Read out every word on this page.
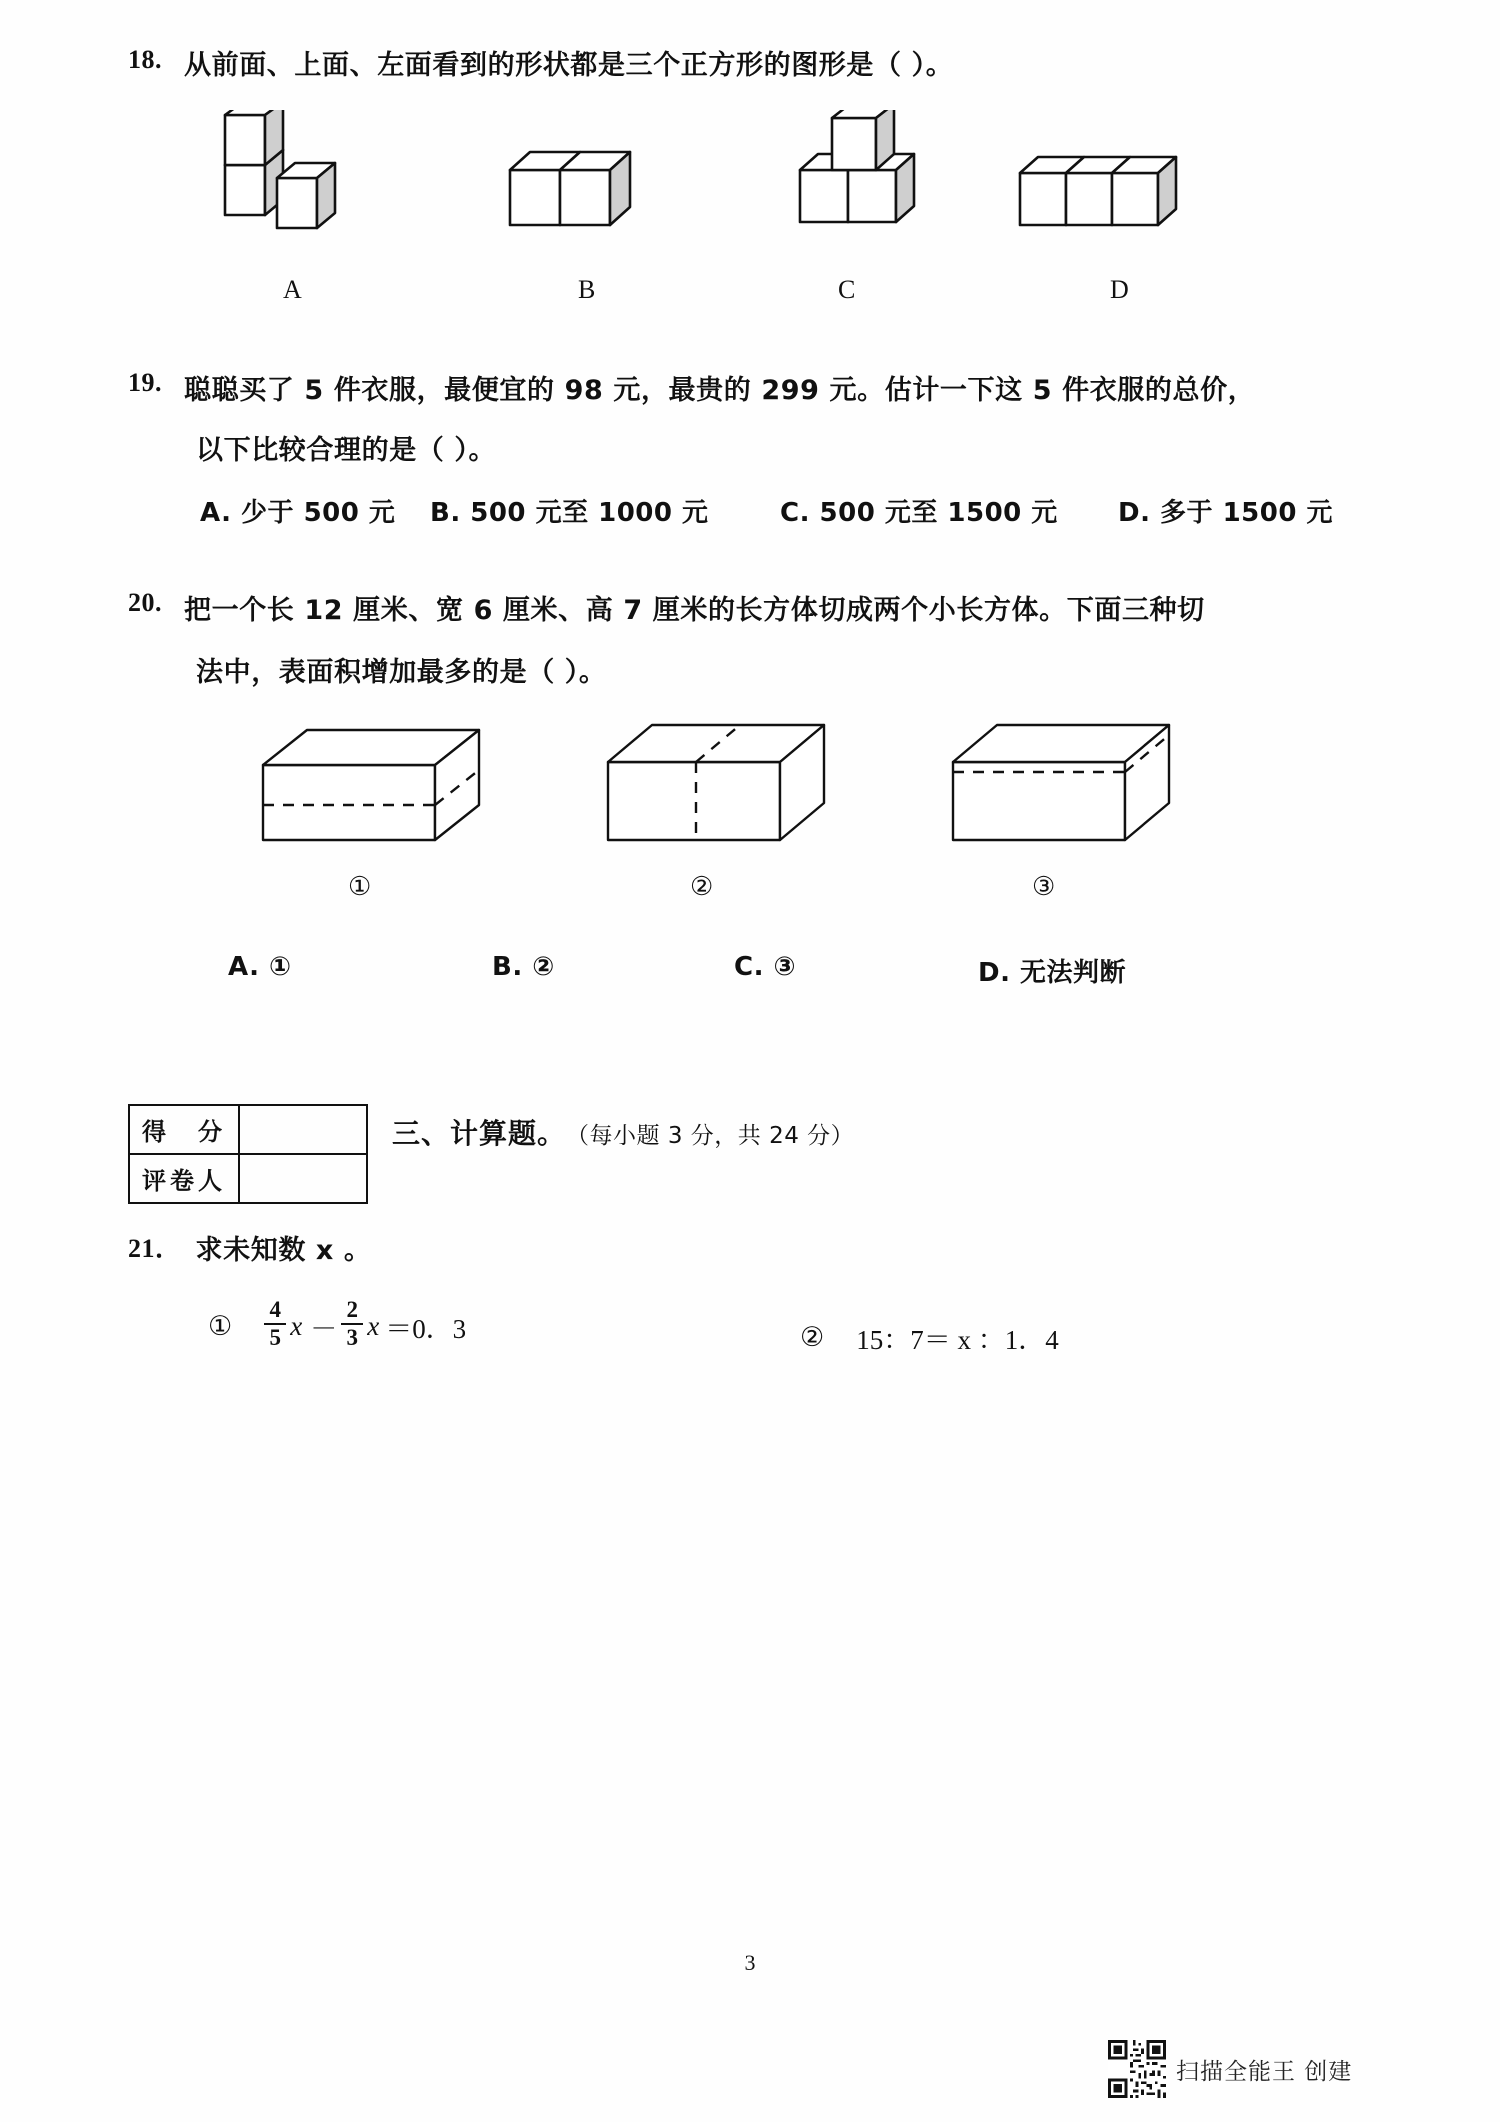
18. 从前面、上面、左面看到的形状都是三个正方形的图形是（ ）。
A	B	C	D
19. 聪聪买了 5 件衣服，最便宜的 98 元，最贵的 299 元。估计一下这 5 件衣服的总价，
以下比较合理的是（ ）。
A. 少于 500 元 B. 500 元至 1000 元	C. 500 元至 1500 元 D. 多于 1500 元
20. 把一个长 12 厘米、宽 6 厘米、高 7 厘米的长方体切成两个小长方体。下面三种切
法中，表面积增加最多的是（ ）。
①	②	③
A. ①	B. ②	C. ③	D. 无法判断
得　分
评卷人
三、计算题。 （每小题 3 分，共 24 分）
21． 求未知数 x 。
① $\frac{4}{5}$ $x - \frac{2}{3}$ x ＝ 0．3	② 15：7＝ x ：1．4
3
扫描全能王 创建
